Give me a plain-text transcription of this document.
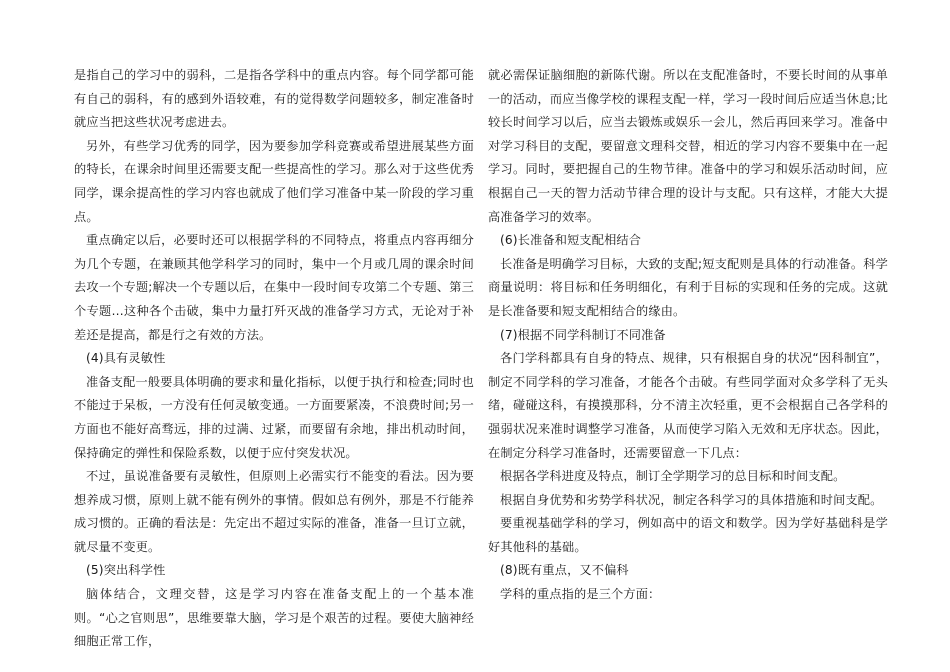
是指自己的学习中的弱科，二是指各学科中的重点内容。每个同学都可能有自己的弱科，有的感到外语较难，有的觉得数学问题较多，制定准备时就应当把这些状况考虑进去。

另外，有些学习优秀的同学，因为要参加学科竞赛或希望进展某些方面的特长，在课余时间里还需要支配一些提高性的学习。那么对于这些优秀同学，课余提高性的学习内容也就成了他们学习准备中某一阶段的学习重点。

重点确定以后，必要时还可以根据学科的不同特点，将重点内容再细分为几个专题，在兼顾其他学科学习的同时，集中一个月或几周的课余时间去攻一个专题;解决一个专题以后，在集中一段时间专攻第二个专题、第三个专题…这种各个击破，集中力量打歼灭战的准备学习方式，无论对于补差还是提高，都是行之有效的方法。

(4)具有灵敏性

准备支配一般要具体明确的要求和量化指标，以便于执行和检查;同时也不能过于呆板，一方没有任何灵敏变通。一方面要紧凑，不浪费时间;另一方面也不能好高骛远，排的过满、过紧，而要留有余地，排出机动时间，保持确定的弹性和保险系数，以便于应付突发状况。

不过，虽说准备要有灵敏性，但原则上必需实行不能变的看法。因为要想养成习惯，原则上就不能有例外的事情。假如总有例外，那是不行能养成习惯的。正确的看法是：先定出不超过实际的准备，准备一旦订立就，就尽量不变更。

(5)突出科学性

脑体结合，文理交替，这是学习内容在准备支配上的一个基本准则。“心之官则思”，思维要靠大脑，学习是个艰苦的过程。要使大脑神经细胞正常工作，

就必需保证脑细胞的新陈代谢。所以在支配准备时，不要长时间的从事单一的活动，而应当像学校的课程支配一样，学习一段时间后应适当休息;比较长时间学习以后，应当去锻炼或娱乐一会儿，然后再回来学习。准备中对学习科目的支配，要留意文理科交替，相近的学习内容不要集中在一起学习。同时，要把握自己的生物节律。准备中的学习和娱乐活动时间，应根据自己一天的智力活动节律合理的设计与支配。只有这样，才能大大提高准备学习的效率。

(6)长准备和短支配相结合

长准备是明确学习目标，大致的支配;短支配则是具体的行动准备。科学商量说明：将目标和任务明细化，有利于目标的实现和任务的完成。这就是长准备要和短支配相结合的缘由。

(7)根据不同学科制订不同准备

各门学科都具有自身的特点、规律，只有根据自身的状况“因科制宜”，制定不同学科的学习准备，才能各个击破。有些同学面对众多学科了无头绪，碰碰这科，有摸摸那科，分不清主次轻重，更不会根据自己各学科的强弱状况来准时调整学习准备，从而使学习陷入无效和无序状态。因此，在制定分科学习准备时，还需要留意一下几点：

根据各学科进度及特点，制订全学期学习的总目标和时间支配。

根据自身优势和劣势学科状况，制定各科学习的具体措施和时间支配。

要重视基础学科的学习，例如高中的语文和数学。因为学好基础科是学好其他科的基础。

(8)既有重点，又不偏科

学科的重点指的是三个方面：
